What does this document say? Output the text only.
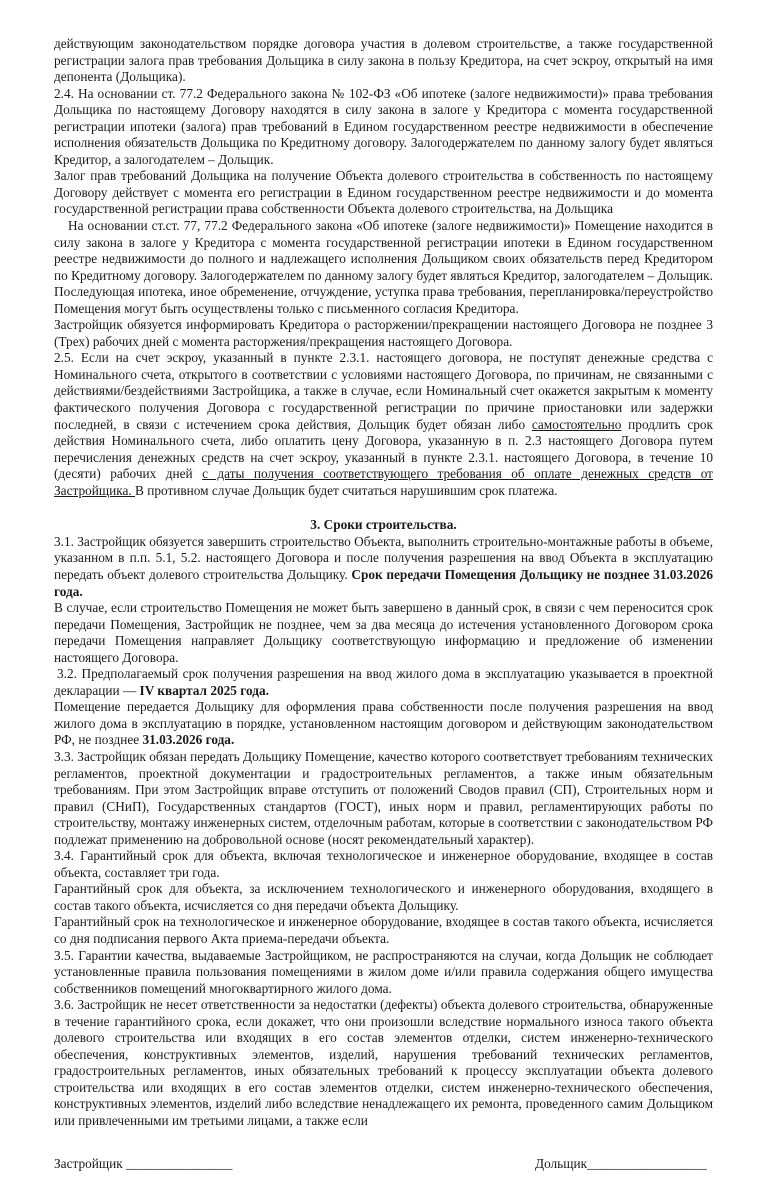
действующим законодательством порядке договора участия в долевом строительстве, а также государственной регистрации залога прав требования Дольщика в силу закона в пользу Кредитора, на счет эскроу, открытый на имя депонента (Дольщика).

2.4. На основании ст. 77.2 Федерального закона № 102-ФЗ «Об ипотеке (залоге недвижимости)» права требования Дольщика по настоящему Договору находятся в силу закона в залоге у Кредитора с момента государственной регистрации ипотеки (залога) прав требований в Едином государственном реестре недвижимости в обеспечение исполнения обязательств Дольщика по Кредитному договору. Залогодержателем по данному залогу будет являться Кредитор, а залогодателем – Дольщик.

Залог прав требований Дольщика на получение Объекта долевого строительства в собственность по настоящему Договору действует с момента его регистрации в Едином государственном реестре недвижимости и до момента государственной регистрации права собственности Объекта долевого строительства, на Дольщика

На основании ст.ст. 77, 77.2 Федерального закона «Об ипотеке (залоге недвижимости)» Помещение находится в силу закона в залоге у Кредитора с момента государственной регистрации ипотеки в Едином государственном реестре недвижимости до полного и надлежащего исполнения Дольщиком своих обязательств перед Кредитором по Кредитному договору. Залогодержателем по данному залогу будет являться Кредитор, залогодателем – Дольщик.

Последующая ипотека, иное обременение, отчуждение, уступка права требования, перепланировка/переустройство Помещения могут быть осуществлены только с письменного согласия Кредитора.

Застройщик обязуется информировать Кредитора о расторжении/прекращении настоящего Договора не позднее 3 (Трех) рабочих дней с момента расторжения/прекращения настоящего Договора.

2.5. Если на счет эскроу, указанный в пункте 2.3.1. настоящего договора, не поступят денежные средства с Номинального счета, открытого в соответствии с условиями настоящего Договора, по причинам, не связанными с действиями/бездействиями Застройщика, а также в случае, если Номинальный счет окажется закрытым к моменту фактического получения Договора с государственной регистрации по причине приостановки или задержки последней, в связи с истечением срока действия, Дольщик будет обязан либо самостоятельно продлить срок действия Номинального счета, либо оплатить цену Договора, указанную в п. 2.3 настоящего Договора путем перечисления денежных средств на счет эскроу, указанный в пункте 2.3.1. настоящего Договора, в течение 10 (десяти) рабочих дней с даты получения соответствующего требования об оплате денежных средств от Застройщика. В противном случае Дольщик будет считаться нарушившим срок платежа.

3. Сроки строительства.

3.1. Застройщик обязуется завершить строительство Объекта, выполнить строительно-монтажные работы в объеме, указанном в п.п. 5.1, 5.2. настоящего Договора и после получения разрешения на ввод Объекта в эксплуатацию передать объект долевого строительства Дольщику. Срок передачи Помещения Дольщику не позднее 31.03.2026 года.

В случае, если строительство Помещения не может быть завершено в данный срок, в связи с чем переносится срок передачи Помещения, Застройщик не позднее, чем за два месяца до истечения установленного Договором срока передачи Помещения направляет Дольщику соответствующую информацию и предложение об изменении настоящего Договора.

3.2. Предполагаемый срок получения разрешения на ввод жилого дома в эксплуатацию указывается в проектной декларации — IV квартал 2025 года.

Помещение передается Дольщику для оформления права собственности после получения разрешения на ввод жилого дома в эксплуатацию в порядке, установленном настоящим договором и действующим законодательством РФ, не позднее 31.03.2026 года.

3.3. Застройщик обязан передать Дольщику Помещение, качество которого соответствует требованиям технических регламентов, проектной документации и градостроительных регламентов, а также иным обязательным требованиям. При этом Застройщик вправе отступить от положений Сводов правил (СП), Строительных норм и правил (СНиП), Государственных стандартов (ГОСТ), иных норм и правил, регламентирующих работы по строительству, монтажу инженерных систем, отделочным работам, которые в соответствии с законодательством РФ подлежат применению на добровольной основе (носят рекомендательный характер).

3.4. Гарантийный срок для объекта, включая технологическое и инженерное оборудование, входящее в состав объекта, составляет три года.

Гарантийный срок для объекта, за исключением технологического и инженерного оборудования, входящего в состав такого объекта, исчисляется со дня передачи объекта Дольщику.

Гарантийный срок на технологическое и инженерное оборудование, входящее в состав такого объекта, исчисляется со дня подписания первого Акта приема-передачи объекта.

3.5. Гарантии качества, выдаваемые Застройщиком, не распространяются на случаи, когда Дольщик не соблюдает установленные правила пользования помещениями в жилом доме и/или правила содержания общего имущества собственников помещений многоквартирного жилого дома.

3.6. Застройщик не несет ответственности за недостатки (дефекты) объекта долевого строительства, обнаруженные в течение гарантийного срока, если докажет, что они произошли вследствие нормального износа такого объекта долевого строительства или входящих в его состав элементов отделки, систем инженерно-технического обеспечения, конструктивных элементов, изделий, нарушения требований технических регламентов, градостроительных регламентов, иных обязательных требований к процессу эксплуатации объекта долевого строительства или входящих в его состав элементов отделки, систем инженерно-технического обеспечения, конструктивных элементов, изделий либо вследствие ненадлежащего их ремонта, проведенного самим Дольщиком или привлеченными им третьими лицами, а также если

Застройщик ________________	Дольщик__________________
